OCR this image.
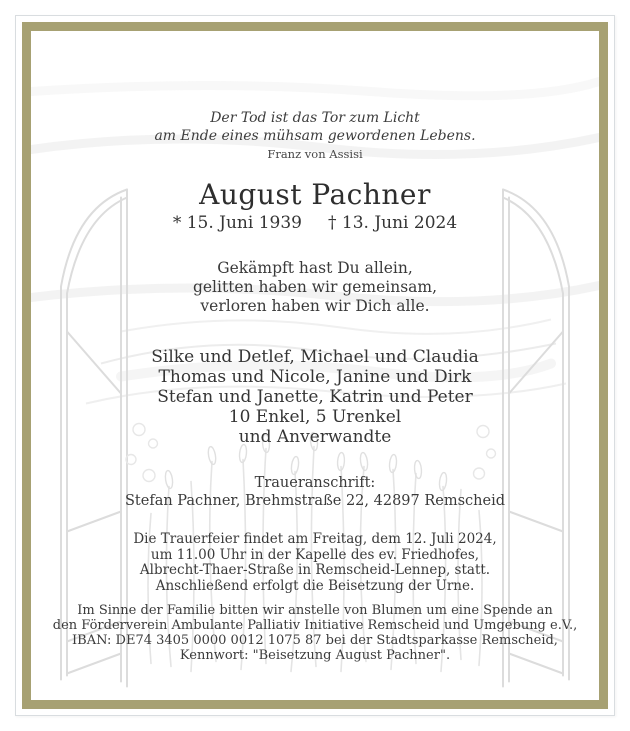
Der Tod ist das Tor zum Licht
am Ende eines mühsam gewordenen Lebens.
Franz von Assisi
August Pachner
* 15. Juni 1939 † 13. Juni 2024
Gekämpft hast Du allein,
gelitten haben wir gemeinsam,
verloren haben wir Dich alle.
Silke und Detlef, Michael und Claudia
Thomas und Nicole, Janine und Dirk
Stefan und Janette, Katrin und Peter
10 Enkel, 5 Urenkel
und Anverwandte
Traueranschrift:
Stefan Pachner, Brehmstraße 22, 42897 Remscheid
Die Trauerfeier findet am Freitag, dem 12. Juli 2024,
um 11.00 Uhr in der Kapelle des ev. Friedhofes,
Albrecht-Thaer-Straße in Remscheid-Lennep, statt.
Anschließend erfolgt die Beisetzung der Urne.
Im Sinne der Familie bitten wir anstelle von Blumen um eine Spende an
den Förderverein Ambulante Palliativ Initiative Remscheid und Umgebung e.V.,
IBAN: DE74 3405 0000 0012 1075 87 bei der Stadtsparkasse Remscheid,
Kennwort: "Beisetzung August Pachner".
